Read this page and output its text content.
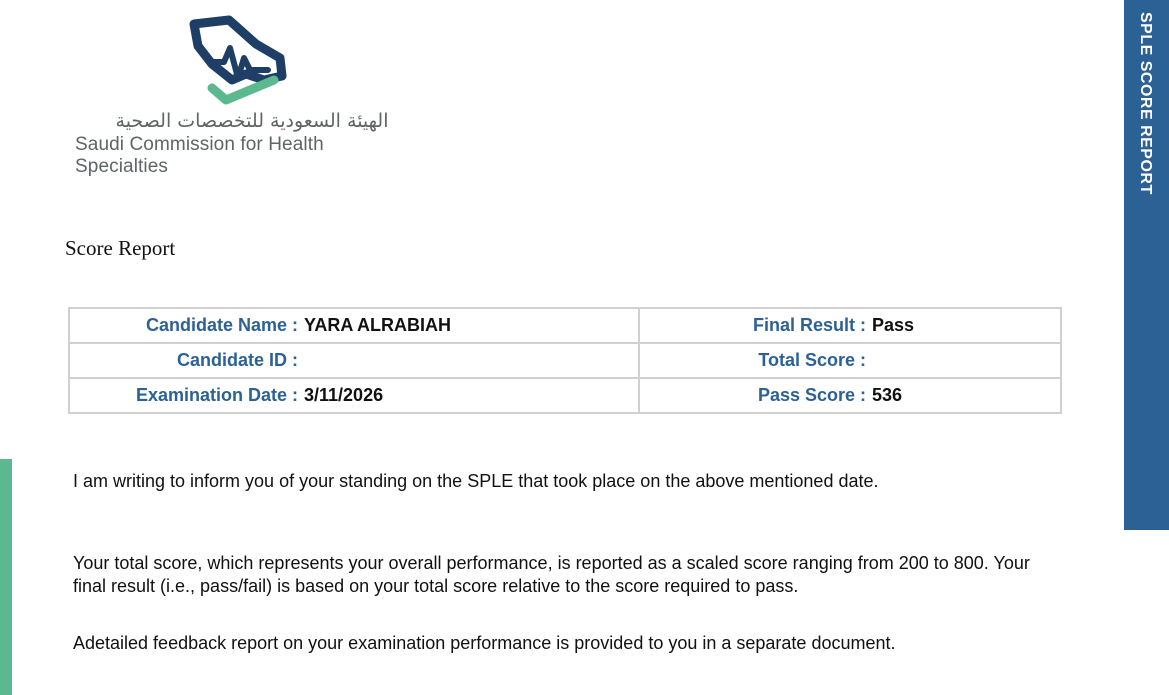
الهيئة السعودية للتخصصات الصحية
Saudi Commission for Health Specialties	SPLE SCORE REPORT
Score Report
Candidate Name : YARA ALRABIAH	Final Result : Pass
Candidate ID :	Total Score :
Examination Date : 3/11/2026	Pass Score : 536

I am writing to inform you of your standing on the SPLE that took place on the above mentioned date.

Your total score, which represents your overall performance, is reported as a scaled score ranging from 200 to 800. Your final result (i.e., pass/fail) is based on your total score relative to the score required to pass.

Adetailed feedback report on your examination performance is provided to you in a separate document.
